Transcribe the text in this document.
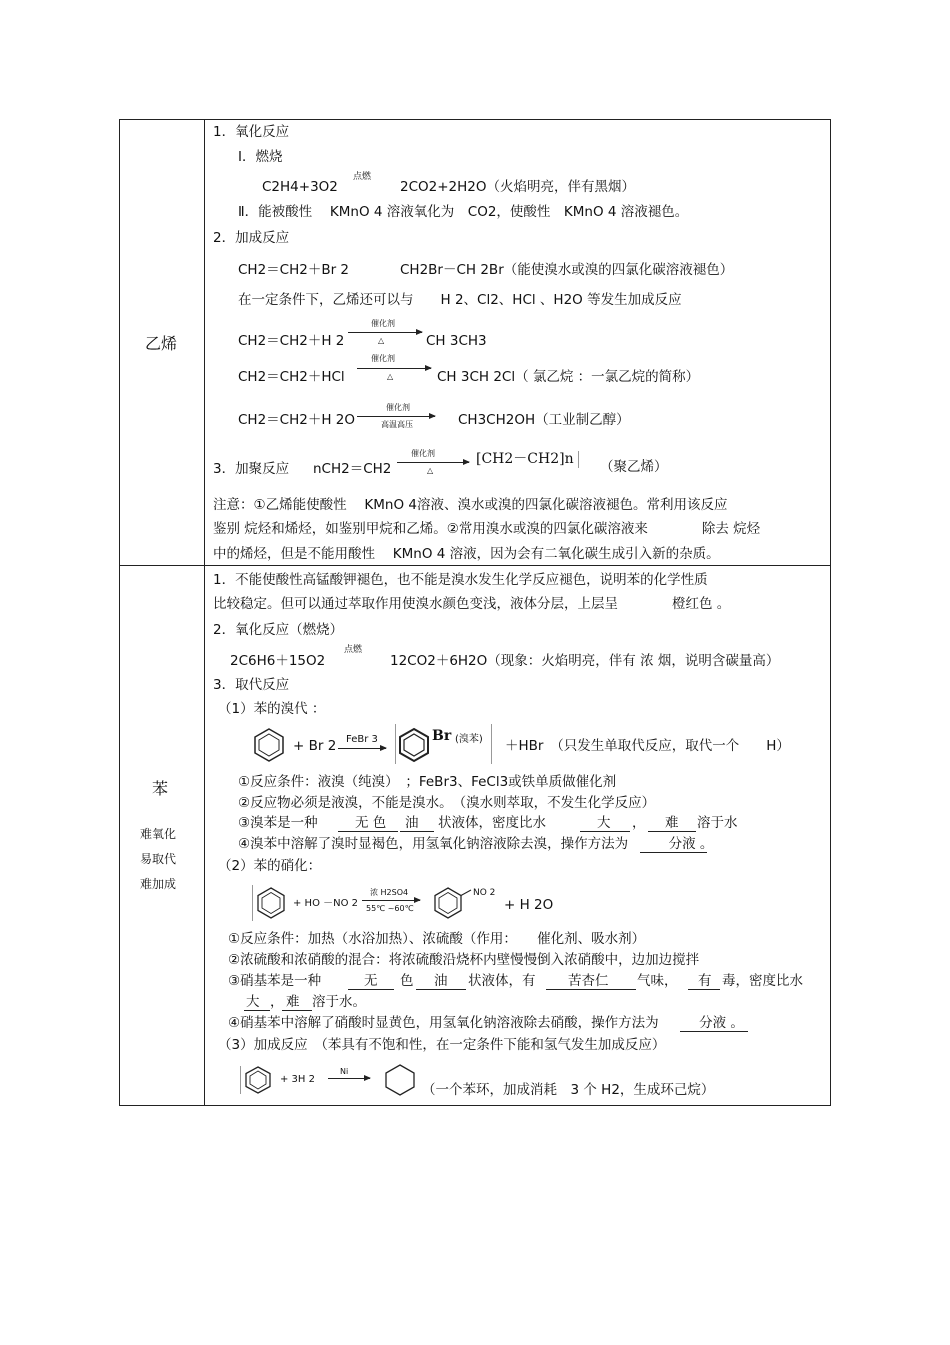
乙烯
1．氧化反应
Ⅰ．燃烧
C2H4+3O2
点燃
2CO2+2H2O（火焰明亮，伴有黑烟）
Ⅱ．能被酸性　 KMnO 4 溶液氧化为　CO2，使酸性　KMnO 4 溶液褪色。
2．加成反应
CH2＝CH2＋Br 2	CH2Br－CH 2Br（能使溴水或溴的四氯化碳溶液褪色）
在一定条件下，乙烯还可以与　　H 2、Cl2、HCl 、H2O 等发生加成反应
CH2＝CH2＋H 2
催化剂
△	CH 3CH3
CH2＝CH2＋HCl
催化剂
△	CH 3CH 2Cl（ 氯乙烷 ：一氯乙烷的简称）
CH2＝CH2＋H 2O
催化剂
高温高压	CH3CH2OH（工业制乙醇）
3．加聚反应 nCH2＝CH2
催化剂
△
[CH2－CH2]n	（聚乙烯）
注意：①乙烯能使酸性　 KMnO 4溶液、溴水或溴的四氯化碳溶液褪色。常利用该反应
鉴别 烷烃和烯烃，如鉴别甲烷和乙烯。②常用溴水或溴的四氯化碳溶液来　　　　除去 烷烃
中的烯烃，但是不能用酸性　 KMnO 4 溶液，因为会有二氧化碳生成引入新的杂质。
苯
难氧化
易取代
难加成
1．不能使酸性高锰酸钾褪色，也不能是溴水发生化学反应褪色，说明苯的化学性质
比较稳定。但可以通过萃取作用使溴水颜色变浅，液体分层，上层呈　　　　橙红色 。
2．氧化反应（燃烧）
2C6H6＋15O2
点燃
12CO2＋6H2O（现象：火焰明亮，伴有 浓 烟，说明含碳量高）
3．取代反应
（1）苯的溴代 ：
+ Br 2 FeBr 3	Br (溴苯) ＋HBr　（只发生单取代反应，取代一个　　H）
①反应条件：液溴（纯溴）　；FeBr3、FeCl3或铁单质做催化剂
②反应物必须是液溴，不能是溴水。　（溴水则萃取，不发生化学反应）
③溴苯是一种	无 色 油 状液体，密度比水	大 ， 难 溶于水
④溴苯中溶解了溴时显褐色，用氢氧化钠溶液除去溴，操作方法为　　　分液 。
（2）苯的硝化：
+ HO －NO 2
浓 H2SO4
55℃ ~60℃
NO 2
+ H 2O
①反应条件：加热（水浴加热）、浓硫酸（作用：　　催化剂、吸水剂）
②浓硫酸和浓硝酸的混合：将浓硫酸沿烧杯内壁慢慢倒入浓硝酸中，边加边搅拌
③硝基苯是一种	无 色 油 状液体，有 苦杏仁 气味， 有 毒，密度比水
大 ， 难 溶于水。
④硝基苯中溶解了硝酸时显黄色，用氢氧化钠溶液除去硝酸，操作方法为　　　分液 。
（3）加成反应　（苯具有不饱和性，在一定条件下能和氢气发生加成反应）
+ 3H 2
Ni
（一个苯环，加成消耗　3 个 H2，生成环己烷）
